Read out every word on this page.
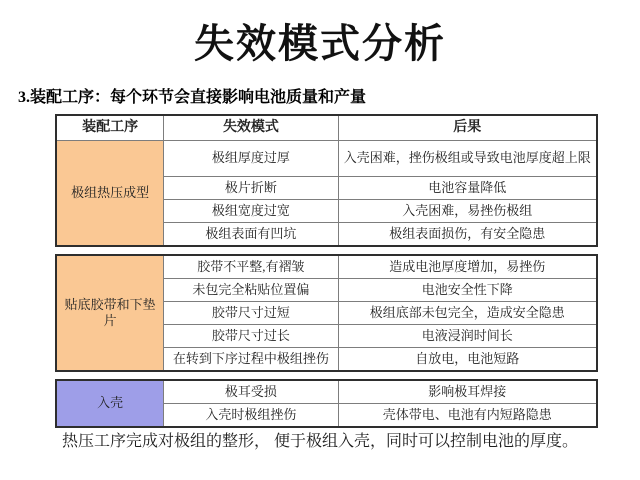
失效模式分析
3.装配工序：每个环节会直接影响电池质量和产量
装配工序	失效模式	后果
极组热压成型	极组厚度过厚	入壳困难，挫伤极组或导致电池厚度超上限
	极片折断	电池容量降低
	极组宽度过宽	入壳困难，易挫伤极组
	极组表面有凹坑	极组表面损伤，有安全隐患
贴底胶带和下垫片	胶带不平整,有褶皱	造成电池厚度增加，易挫伤
	未包完全粘贴位置偏	电池安全性下降
	胶带尺寸过短	极组底部未包完全，造成安全隐患
	胶带尺寸过长	电液浸润时间长
	在转到下序过程中极组挫伤	自放电，电池短路
入壳	极耳受损	影响极耳焊接
	入壳时极组挫伤	壳体带电、电池有内短路隐患
热压工序完成对极组的整形， 便于极组入壳，同时可以控制电池的厚度。
